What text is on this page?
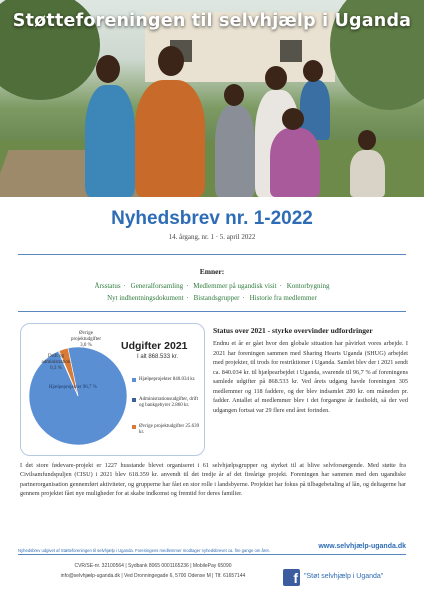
Støtteforeningen til selvhjælp i Uganda
Nyhedsbrev nr. 1-2022
14. årgang, nr. 1 · 5. april 2022
Emner:
Årsstatus · Generalforsamling · Medlemmer på ugandisk visit · Kontorbygning
Nyt indhentningsdokument · Bistandsgrupper · Historie fra medlemmer
Udgifter 2021
I alt 868.533 kr.
Hjælpeprojekter 840.034 kr.
Administrationsudgifter, drift og bankgebyrer 2.860 kr.
Øvrige projektudgifter 25.639 kr.
Drift og administration 0,3 %
Øvrige projektudgifter 3,0 %
Hjælpeprojekter 96,7 %
Status over 2021 - styrke overvinder udfordringer
Endnu et år er gået hvor den globale situation har påvirket vores arbejde. I 2021 har foreningen sammen med Sharing Hearts Uganda (SHUG) arbejdet med projekter, til trods for restriktioner i Uganda. Samlet blev der i 2021 sendt ca. 840.034 kr. til hjælpearbejdet i Uganda, svarende til 96,7 % af foreningens samlede udgifter på 868.533 kr. Ved årets udgang havde foreningen 305 medlemmer og 118 faddere, og der blev indsamlet 280 kr. om måneden pr. fadder. Antallet af medlemmer blev i det forgangne år fastholdt, så der ved udgangen fortsat var 29 flere end året forinden.
I det store fødevare-projekt er 1227 husstande blevet organiseret i 61 selvhjælpsgrupper og styrket til at blive selvforsørgende. Med støtte fra Civilsamfundspuljen (CISU) i 2021 blev 618.359 kr. anvendt til det tredje år af det fireårige projekt. Foreningen har sammen med den ugandiske partnerorganisation gennemført aktiviteter, og grupperne har fået en stor rolle i landsbyerne. Projektet har fokus på tilbagebetaling af lån, og deltagerne har gennem projektet fået nye muligheder for at skabe indkomst og fremtid for deres familier.
www.selvhjælp-uganda.dk
Nyhedsbrev udgivet af Støtteforeningen til selvhjælp i Uganda. Foreningens medlemmer modtager nyhedsbrevet ca. fire gange om året.
CVR/SE-nr. 32100564 | Sydbank 8065 0001165236 | MobilePay 65090
info@selvhjælp-uganda.dk | Ved Dronningegade 6, 5700 Odense M | Tlf. 61657144	f "Støt selvhjælp i Uganda"
